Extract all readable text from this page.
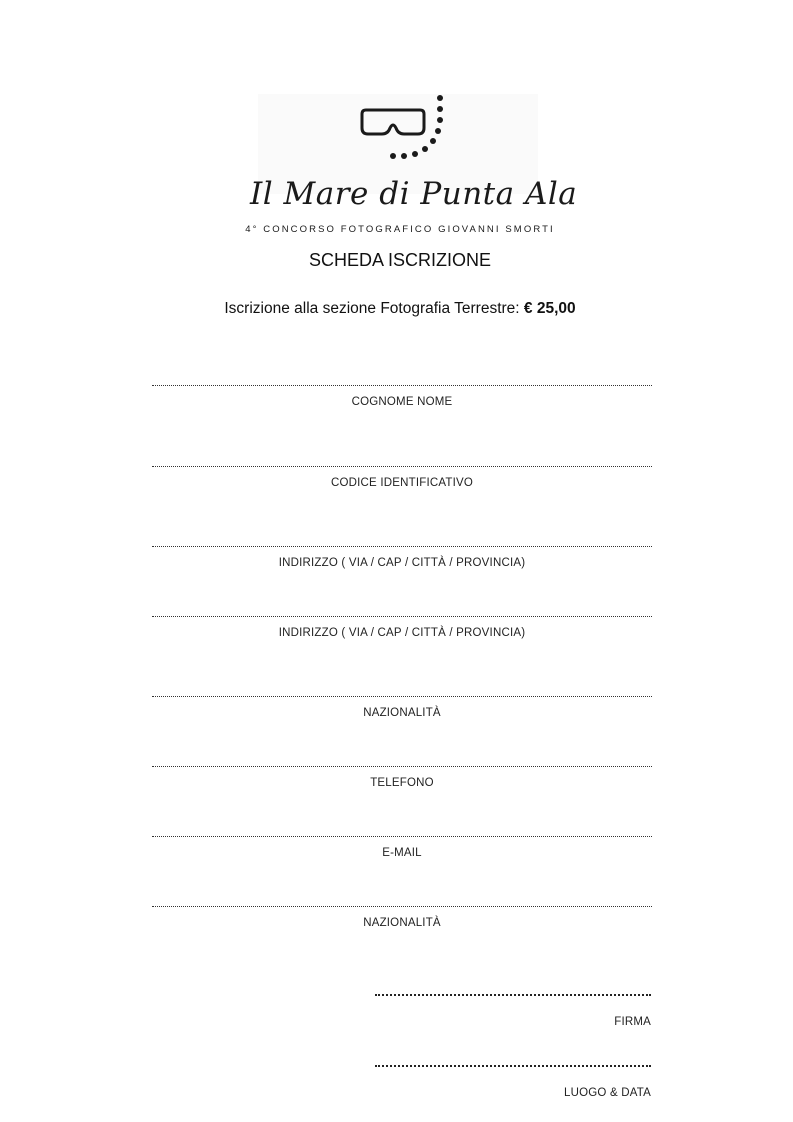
Il Mare di Punta Ala
4° CONCORSO FOTOGRAFICO GIOVANNI SMORTI
SCHEDA ISCRIZIONE
Iscrizione alla sezione Fotografia Terrestre: € 25,00
COGNOME NOME
CODICE IDENTIFICATIVO
INDIRIZZO ( VIA / CAP / CITTÀ / PROVINCIA)
INDIRIZZO ( VIA / CAP / CITTÀ / PROVINCIA)
NAZIONALITÀ
TELEFONO
E-MAIL
NAZIONALITÀ
FIRMA
LUOGO & DATA
